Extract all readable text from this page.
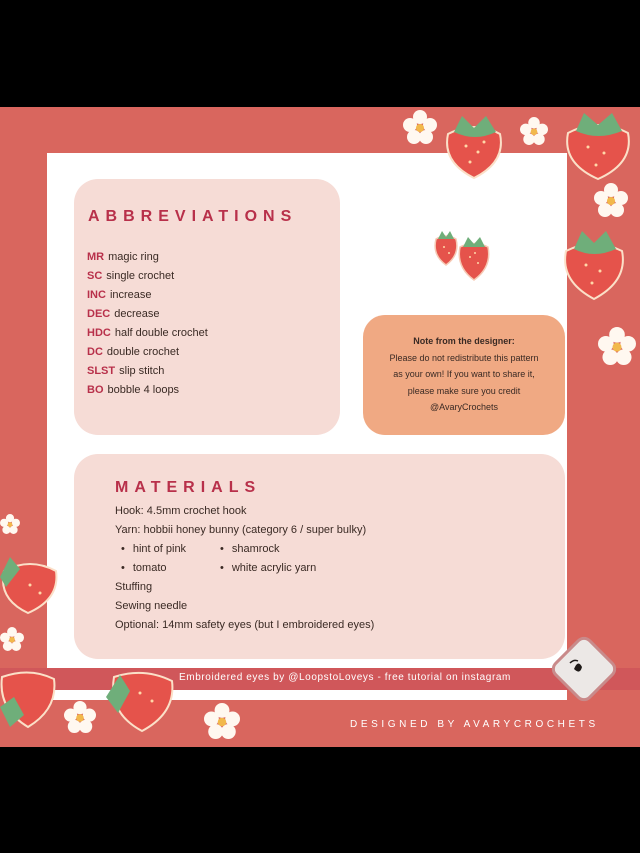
ABBREVIATIONS
MR magic ring
SC single crochet
INC increase
DEC decrease
HDC half double crochet
DC double crochet
SLST slip stitch
BO bobble 4 loops
Note from the designer:
Please do not redistribute this pattern
as your own! If you want to share it,
please make sure you credit
@AvaryCrochets
MATERIALS
Hook: 4.5mm crochet hook
Yarn: hobbii honey bunny (category 6 / super bulky)
• hint of pink
• tomato
• shamrock
• white acrylic yarn
Stuffing
Sewing needle
Optional: 14mm safety eyes (but I embroidered eyes)
Embroidered eyes by @LoopstoLoveys - free tutorial on instagram
DESIGNED BY AVARYCROCHETS
